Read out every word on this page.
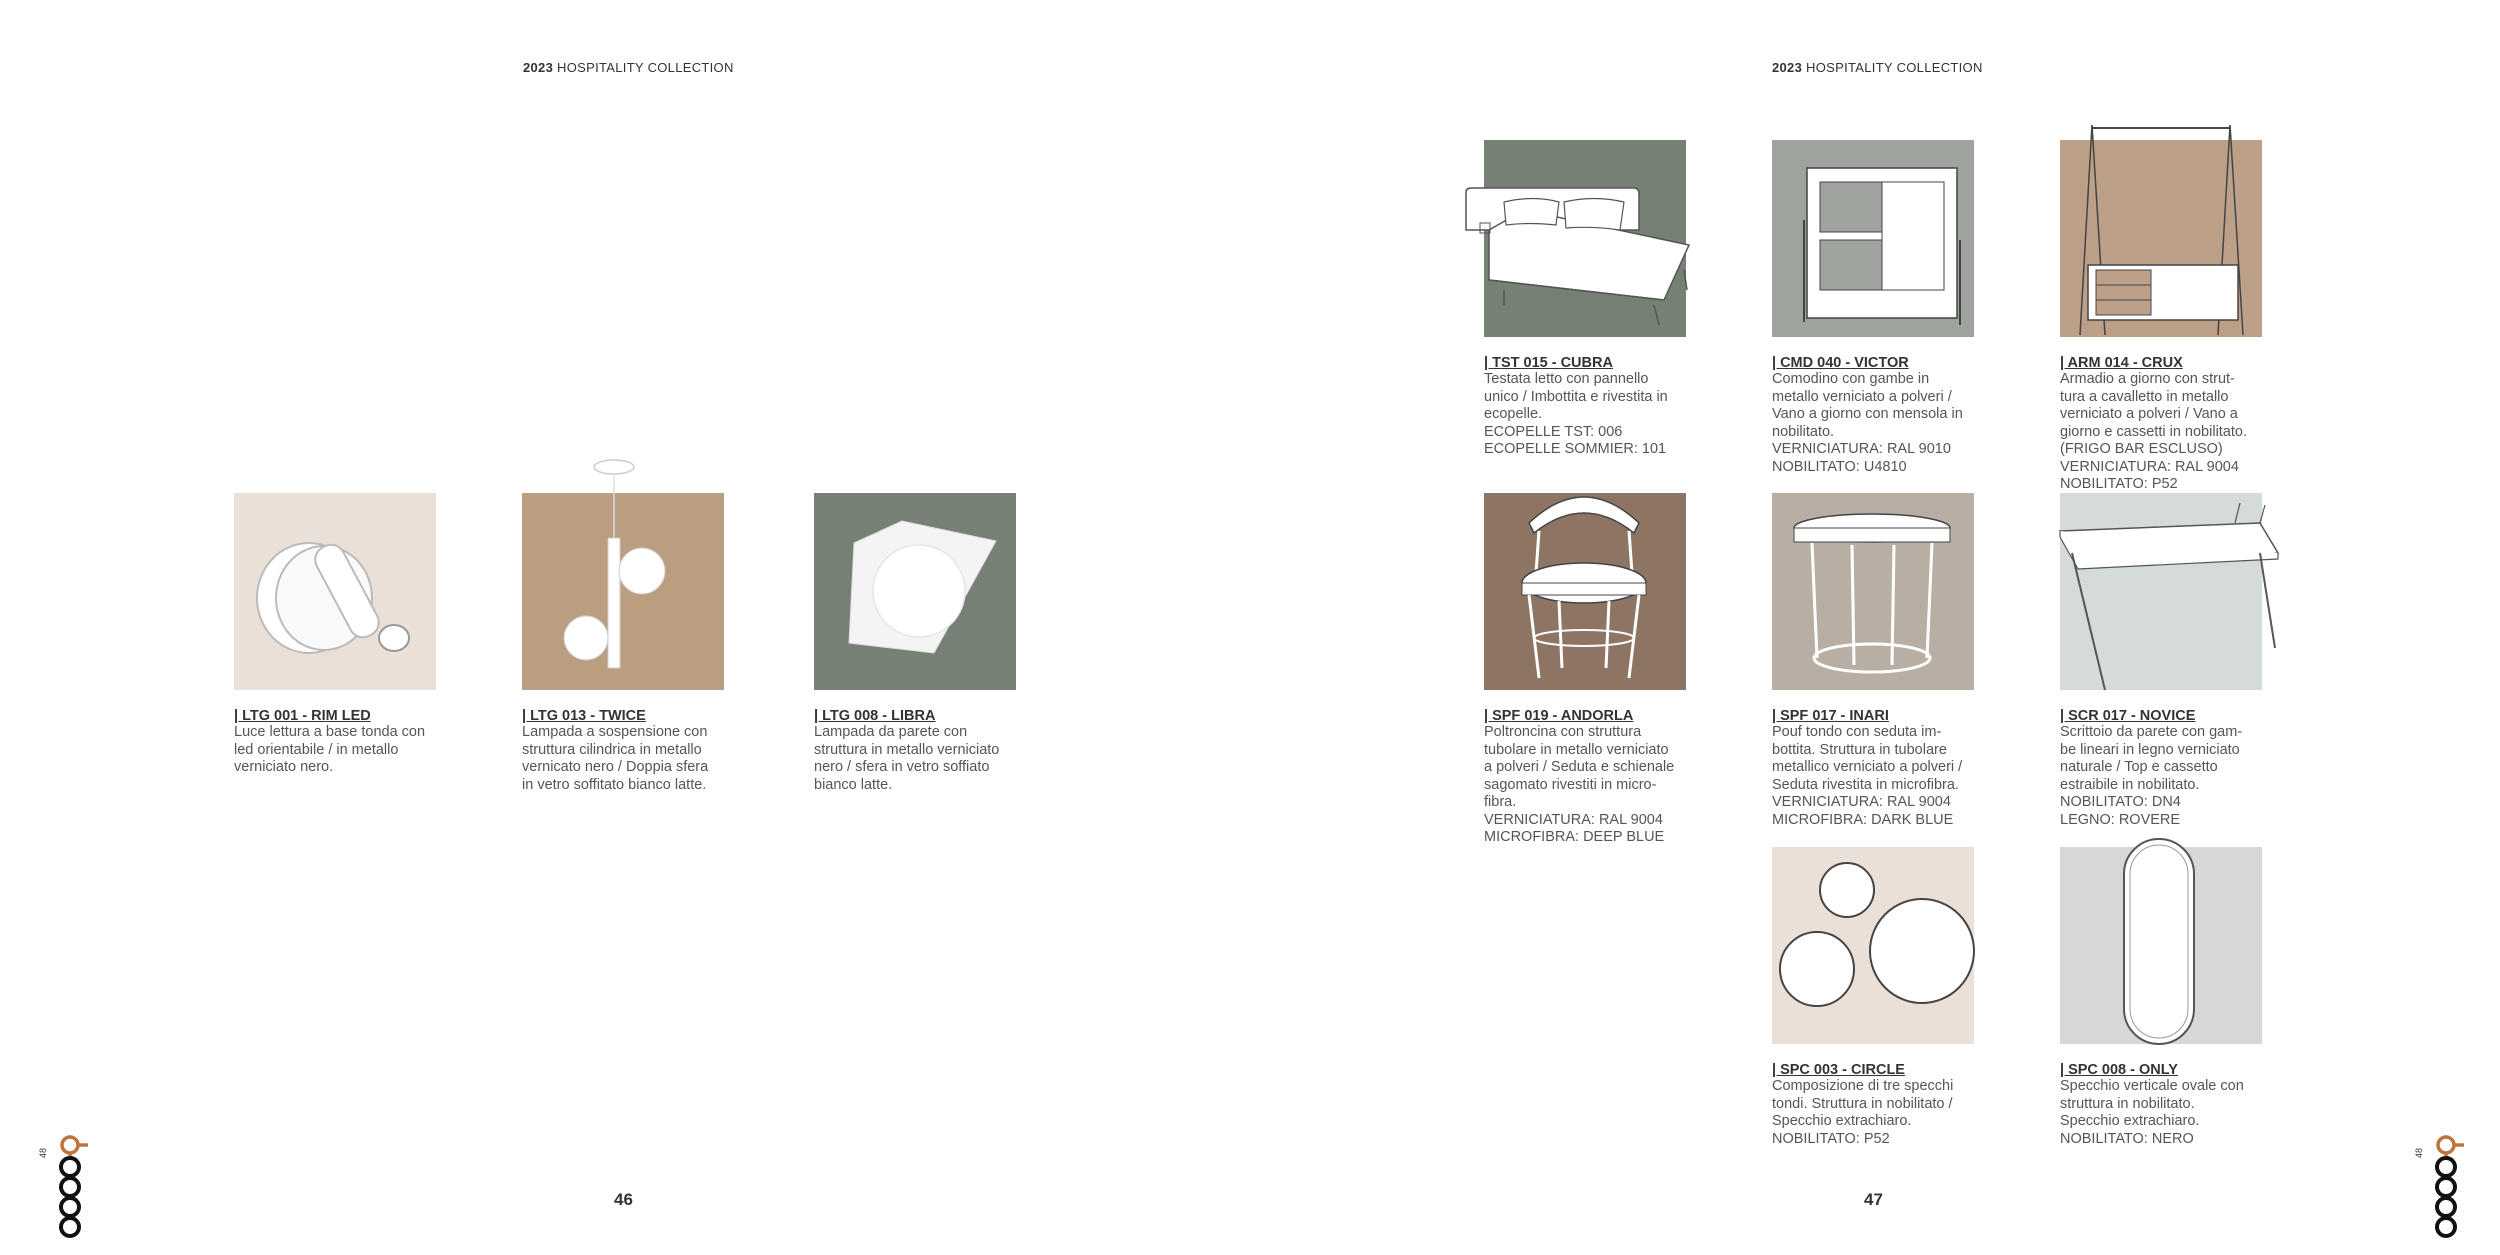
2023 HOSPITALITY COLLECTION	2023 HOSPITALITY COLLECTION
| LTG 001 - RIM LED
Luce lettura a base tonda con
led orientabile / in metallo
verniciato nero.
| LTG 013 - TWICE
Lampada a sospensione con
struttura cilindrica in metallo
vernicato nero / Doppia sfera
in vetro soffitato bianco latte.
| LTG 008 - LIBRA
Lampada da parete con
struttura in metallo verniciato
nero / sfera in vetro soffiato
bianco latte.
| TST 015 - CUBRA
Testata letto con pannello
unico / Imbottita e rivestita in
ecopelle.
ECOPELLE TST: 006
ECOPELLE SOMMIER: 101
| CMD 040 - VICTOR
Comodino con gambe in
metallo verniciato a polveri /
Vano a giorno con mensola in
nobilitato.
VERNICIATURA: RAL 9010
NOBILITATO: U4810
| ARM 014 - CRUX
Armadio a giorno con strut-
tura a cavalletto in metallo
verniciato a polveri / Vano a
giorno e cassetti in nobilitato.
(FRIGO BAR ESCLUSO)
VERNICIATURA: RAL 9004
NOBILITATO: P52
| SPF 019 - ANDORLA
Poltroncina con struttura
tubolare in metallo verniciato
a polveri / Seduta e schienale
sagomato rivestiti in micro-
fibra.
VERNICIATURA: RAL 9004
MICROFIBRA: DEEP BLUE
| SPF 017 - INARI
Pouf tondo con seduta im-
bottita. Struttura in tubolare
metallico verniciato a polveri /
Seduta rivestita in microfibra.
VERNICIATURA: RAL 9004
MICROFIBRA: DARK BLUE
| SCR 017 - NOVICE
Scrittoio da parete con gam-
be lineari in legno verniciato
naturale / Top e cassetto
estraibile in nobilitato.
NOBILITATO: DN4
LEGNO: ROVERE
| SPC 003 - CIRCLE
Composizione di tre specchi
tondi. Struttura in nobilitato /
Specchio extrachiaro.
NOBILITATO: P52
| SPC 008 - ONLY
Specchio verticale ovale con
struttura in nobilitato.
Specchio extrachiaro.
NOBILITATO: NERO
46	47
48	48
